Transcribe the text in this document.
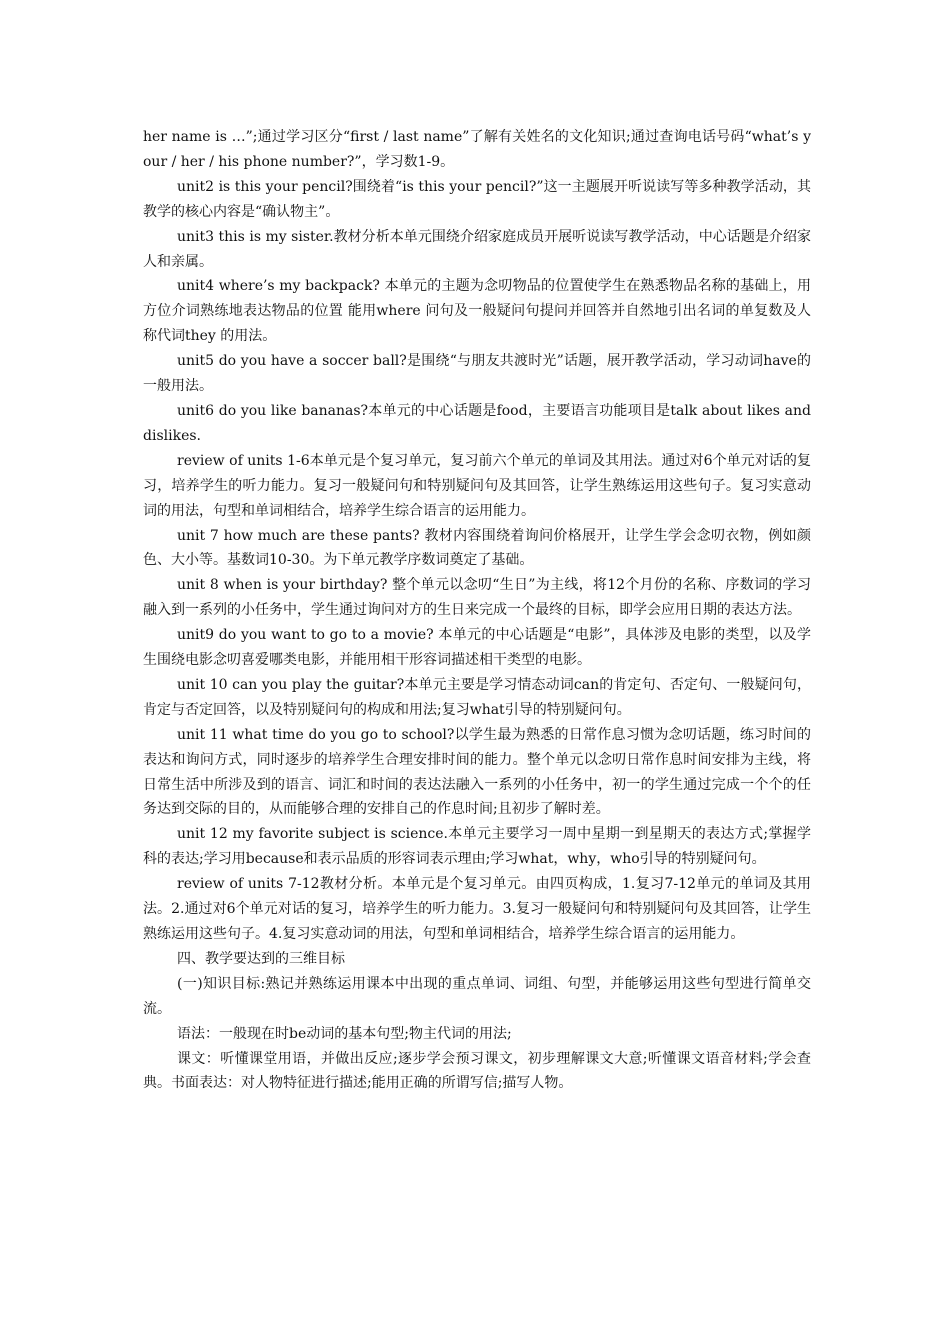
her name is …”;通过学习区分“first / last name”了解有关姓名的文化知识;通过查询电话号码“what’s your / her / his phone number?”，学习数1-9。

unit2 is this your pencil?围绕着“is this your pencil?”这一主题展开听说读写等多种教学活动，其教学的核心内容是“确认物主”。

unit3 this is my sister.教材分析本单元围绕介绍家庭成员开展听说读写教学活动，中心话题是介绍家人和亲属。

unit4 where’s my backpack? 本单元的主题为念叨物品的位置使学生在熟悉物品名称的基础上，用方位介词熟练地表达物品的位置 能用where 问句及一般疑问句提问并回答并自然地引出名词的单复数及人称代词they 的用法。

unit5 do you have a soccer ball?是围绕“与朋友共渡时光”话题，展开教学活动，学习动词have的一般用法。

unit6 do you like bananas?本单元的中心话题是food，主要语言功能项目是talk about likes and dislikes.

review of units 1-6本单元是个复习单元，复习前六个单元的单词及其用法。通过对6个单元对话的复习，培养学生的听力能力。复习一般疑问句和特别疑问句及其回答，让学生熟练运用这些句子。复习实意动词的用法，句型和单词相结合，培养学生综合语言的运用能力。

unit 7 how much are these pants? 教材内容围绕着询问价格展开，让学生学会念叨衣物，例如颜色、大小等。基数词10-30。为下单元教学序数词奠定了基础。

unit 8 when is your birthday? 整个单元以念叨“生日”为主线，将12个月份的名称、序数词的学习融入到一系列的小任务中，学生通过询问对方的生日来完成一个最终的目标，即学会应用日期的表达方法。

unit9 do you want to go to a movie? 本单元的中心话题是“电影”，具体涉及电影的类型，以及学生围绕电影念叨喜爱哪类电影，并能用相干形容词描述相干类型的电影。

unit 10 can you play the guitar?本单元主要是学习情态动词can的肯定句、否定句、一般疑问句，肯定与否定回答，以及特别疑问句的构成和用法;复习what引导的特别疑问句。

unit 11 what time do you go to school?以学生最为熟悉的日常作息习惯为念叨话题，练习时间的表达和询问方式，同时逐步的培养学生合理安排时间的能力。整个单元以念叨日常作息时间安排为主线，将日常生活中所涉及到的语言、词汇和时间的表达法融入一系列的小任务中，初一的学生通过完成一个个的任务达到交际的目的，从而能够合理的安排自己的作息时间;且初步了解时差。

unit 12 my favorite subject is science.本单元主要学习一周中星期一到星期天的表达方式;掌握学科的表达;学习用because和表示品质的形容词表示理由;学习what，why，who引导的特别疑问句。

review of units 7-12教材分析。本单元是个复习单元。由四页构成，1.复习7-12单元的单词及其用法。2.通过对6个单元对话的复习，培养学生的听力能力。3.复习一般疑问句和特别疑问句及其回答，让学生熟练运用这些句子。4.复习实意动词的用法，句型和单词相结合，培养学生综合语言的运用能力。

四、教学要达到的三维目标

(一)知识目标:熟记并熟练运用课本中出现的重点单词、词组、句型，并能够运用这些句型进行简单交流。

语法：一般现在时be动词的基本句型;物主代词的用法;

课文：听懂课堂用语，并做出反应;逐步学会预习课文，初步理解课文大意;听懂课文语音材料;学会查典。书面表达：对人物特征进行描述;能用正确的所谓写信;描写人物。
